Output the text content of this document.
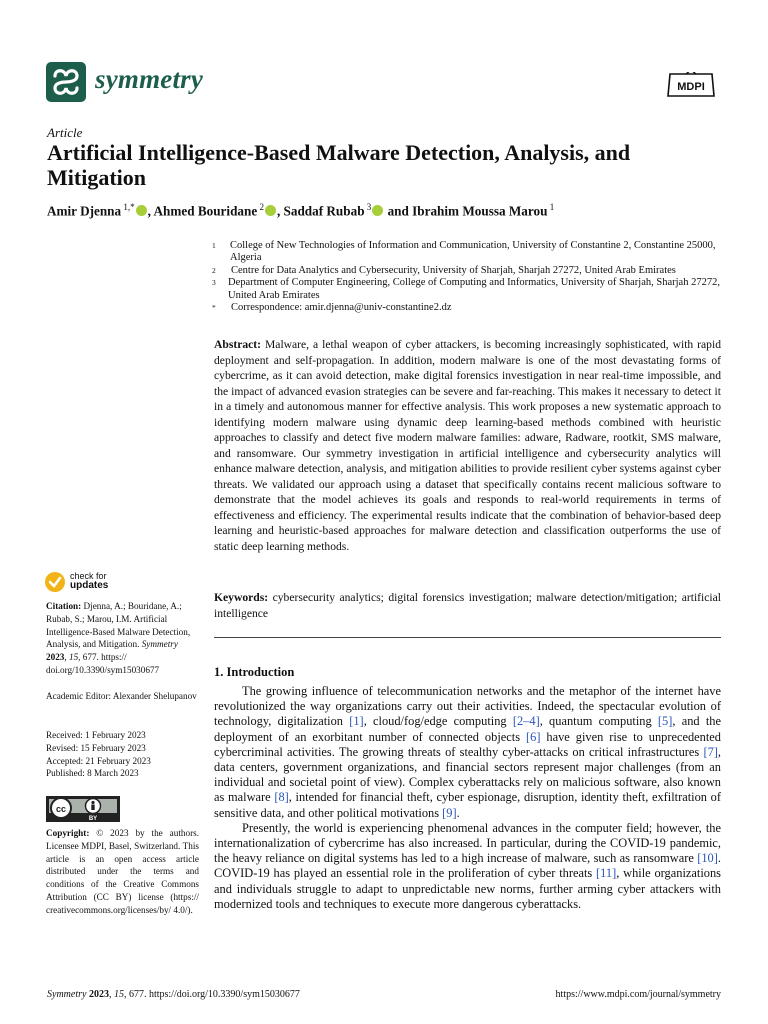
symmetry	MDPI
Article
Artificial Intelligence-Based Malware Detection, Analysis, and Mitigation
Amir Djenna $^{1,*}$ , Ahmed Bouridane $^2$ , Saddaf Rubab $^3$ and Ibrahim Moussa Marou $^1$
1	College of New Technologies of Information and Communication, University of Constantine 2, Constantine 25000, Algeria
2	Centre for Data Analytics and Cybersecurity, University of Sharjah, Sharjah 27272, United Arab Emirates
3	Department of Computer Engineering, College of Computing and Informatics, University of Sharjah, Sharjah 27272, United Arab Emirates
*	Correspondence: amir.djenna@univ-constantine2.dz
Abstract: Malware, a lethal weapon of cyber attackers, is becoming increasingly sophisticated, with rapid deployment and self-propagation. In addition, modern malware is one of the most devastating forms of cybercrime, as it can avoid detection, make digital forensics investigation in near real-time impossible, and the impact of advanced evasion strategies can be severe and far-reaching. This makes it necessary to detect it in a timely and autonomous manner for effective analysis. This work proposes a new systematic approach to identifying modern malware using dynamic deep learning-based methods combined with heuristic approaches to classify and detect five modern malware families: adware, Radware, rootkit, SMS malware, and ransomware. Our symmetry investigation in artificial intelligence and cybersecurity analytics will enhance malware detection, analysis, and mitigation abilities to provide resilient cyber systems against cyber threats. We validated our approach using a dataset that specifically contains recent malicious software to demonstrate that the model achieves its goals and responds to real-world requirements in terms of effectiveness and efficiency. The experimental results indicate that the combination of behavior-based deep learning and heuristic-based approaches for malware detection and classification outperforms the use of static deep learning methods.
Keywords: cybersecurity analytics; digital forensics investigation; malware detection/mitigation; artificial intelligence
1. Introduction

The growing influence of telecommunication networks and the metaphor of the internet have revolutionized the way organizations carry out their activities. Indeed, the spectacular evolution of technology, digitalization [1], cloud/fog/edge computing [2–4], quantum computing [5], and the deployment of an exorbitant number of connected objects [6] have given rise to unprecedented cybercriminal activities. The growing threats of stealthy cyber-attacks on critical infrastructures [7], data centers, government organizations, and financial sectors represent major challenges (from an individual and societal point of view). Complex cyberattacks rely on malicious software, also known as malware [8], intended for financial theft, cyber espionage, disruption, identity theft, exfiltration of sensitive data, and other political motivations [9].

Presently, the world is experiencing phenomenal advances in the computer field; however, the internationalization of cybercrime has also increased. In particular, during the COVID-19 pandemic, the heavy reliance on digital systems has led to a high increase of malware, such as ransomware [10]. COVID-19 has played an essential role in the proliferation of cyber threats [11], while organizations and individuals struggle to adapt to unpredictable new norms, further arming cyber attackers with modernized tools and techniques to execute more dangerous cyberattacks.

check for
updates
Citation: Djenna, A.; Bouridane, A.; Rubab, S.; Marou, I.M. Artificial Intelligence-Based Malware Detection, Analysis, and Mitigation. Symmetry 2023, 15, 677. https:// doi.org/10.3390/sym15030677
Academic Editor: Alexander Shelupanov
Received: 1 February 2023
Revised: 15 February 2023
Accepted: 21 February 2023
Published: 8 March 2023
cc
BY
Copyright: © 2023 by the authors. Licensee MDPI, Basel, Switzerland. This article is an open access article distributed under the terms and conditions of the Creative Commons Attribution (CC BY) license (https:// creativecommons.org/licenses/by/ 4.0/).
Symmetry 2023, 15, 677. https://doi.org/10.3390/sym15030677	https://www.mdpi.com/journal/symmetry
